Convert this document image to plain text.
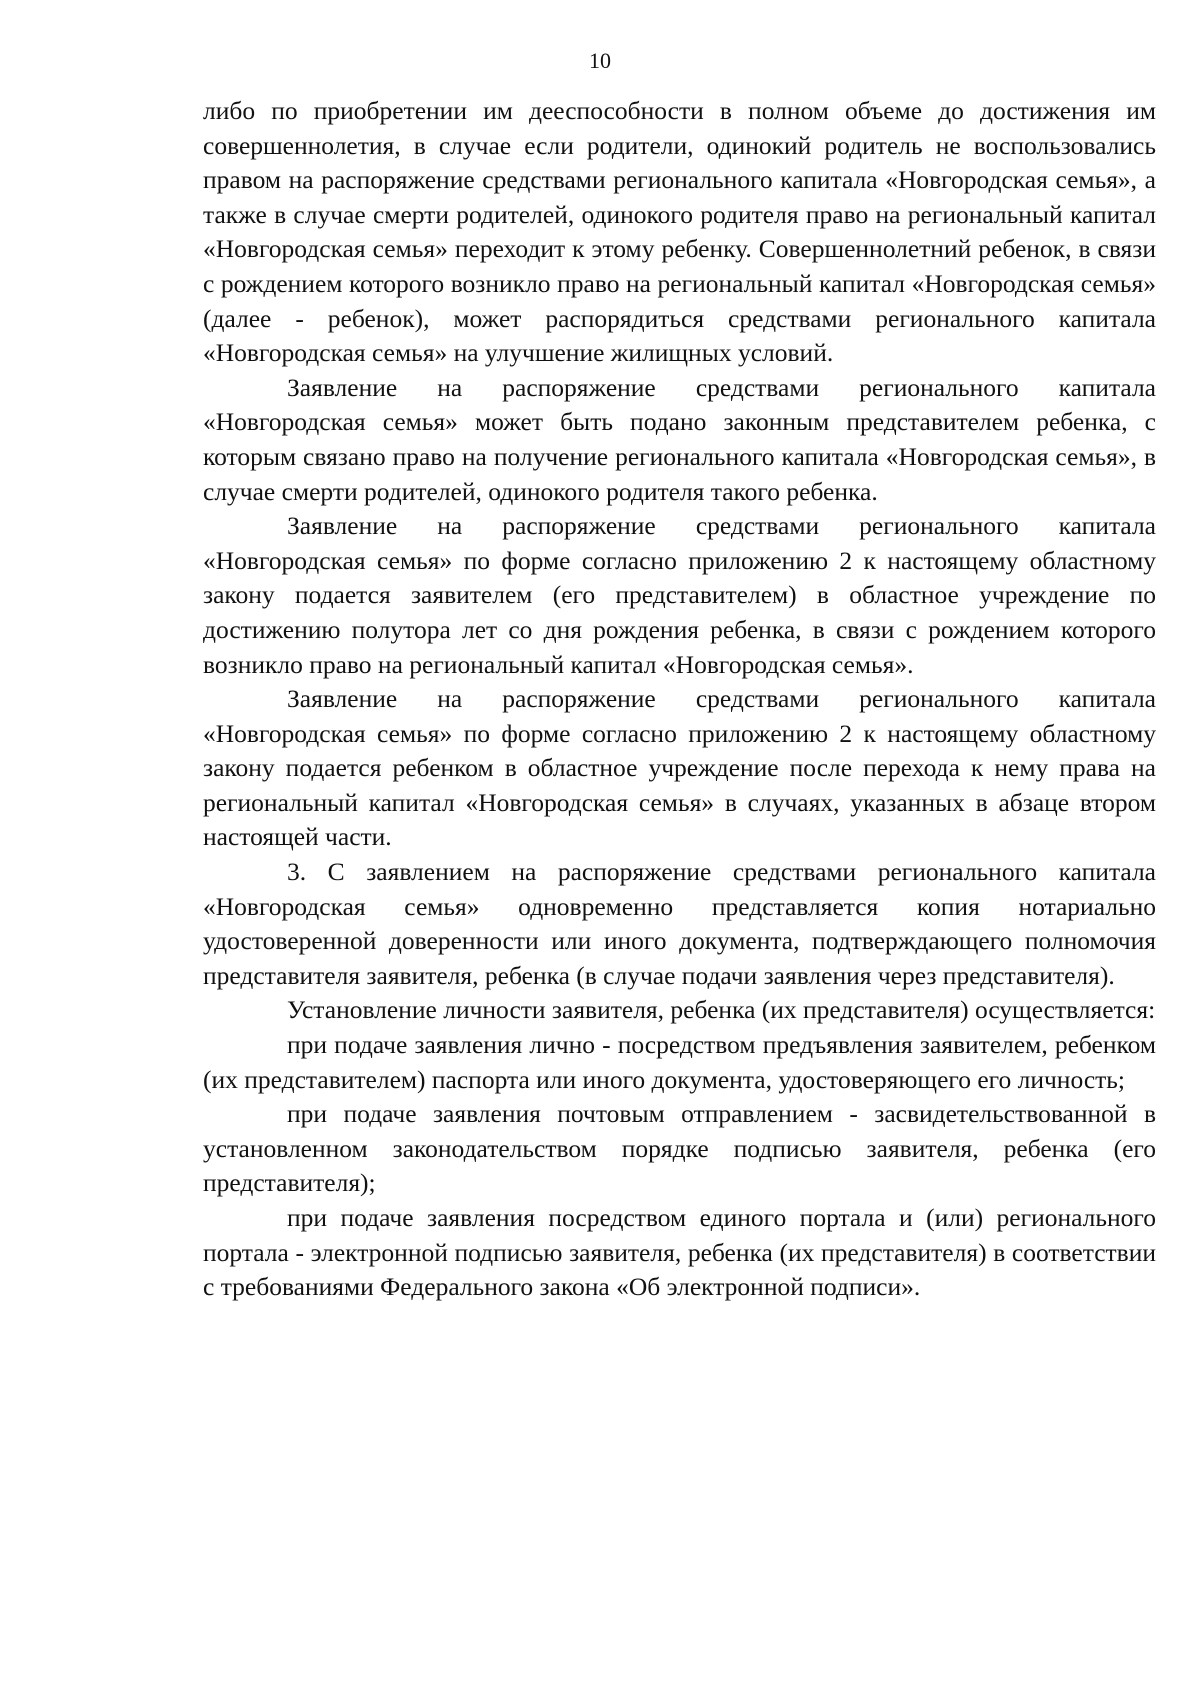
10

либо по приобретении им дееспособности в полном объеме до достижения им совершеннолетия, в случае если родители, одинокий родитель не воспользовались правом на распоряжение средствами регионального капитала «Новгородская семья», а также в случае смерти родителей, одинокого родителя право на региональный капитал «Новгородская семья» переходит к этому ребенку. Совершеннолетний ребенок, в связи с рождением которого возникло право на региональный капитал «Новгородская семья» (далее - ребенок), может распорядиться средствами регионального капитала «Новгородская семья» на улучшение жилищных условий.

Заявление на распоряжение средствами регионального капитала «Новгородская семья» может быть подано законным представителем ребенка, с которым связано право на получение регионального капитала «Новгородская семья», в случае смерти родителей, одинокого родителя такого ребенка.

Заявление на распоряжение средствами регионального капитала «Новгородская семья» по форме согласно приложению 2 к настоящему областному закону подается заявителем (его представителем) в областное учреждение по достижению полутора лет со дня рождения ребенка, в связи с рождением которого возникло право на региональный капитал «Новгородская семья».

Заявление на распоряжение средствами регионального капитала «Новгородская семья» по форме согласно приложению 2 к настоящему областному закону подается ребенком в областное учреждение после перехода к нему права на региональный капитал «Новгородская семья» в случаях, указанных в абзаце втором настоящей части.

3. С заявлением на распоряжение средствами регионального капитала «Новгородская семья» одновременно представляется копия нотариально удостоверенной доверенности или иного документа, подтверждающего полномочия представителя заявителя, ребенка (в случае подачи заявления через представителя).

Установление личности заявителя, ребенка (их представителя) осуществляется:

при подаче заявления лично - посредством предъявления заявителем, ребенком (их представителем) паспорта или иного документа, удостоверяющего его личность;

при подаче заявления почтовым отправлением - засвидетельствованной в установленном законодательством порядке подписью заявителя, ребенка (его представителя);

при подаче заявления посредством единого портала и (или) регионального портала - электронной подписью заявителя, ребенка (их представителя) в соответствии с требованиями Федерального закона «Об электронной подписи».
